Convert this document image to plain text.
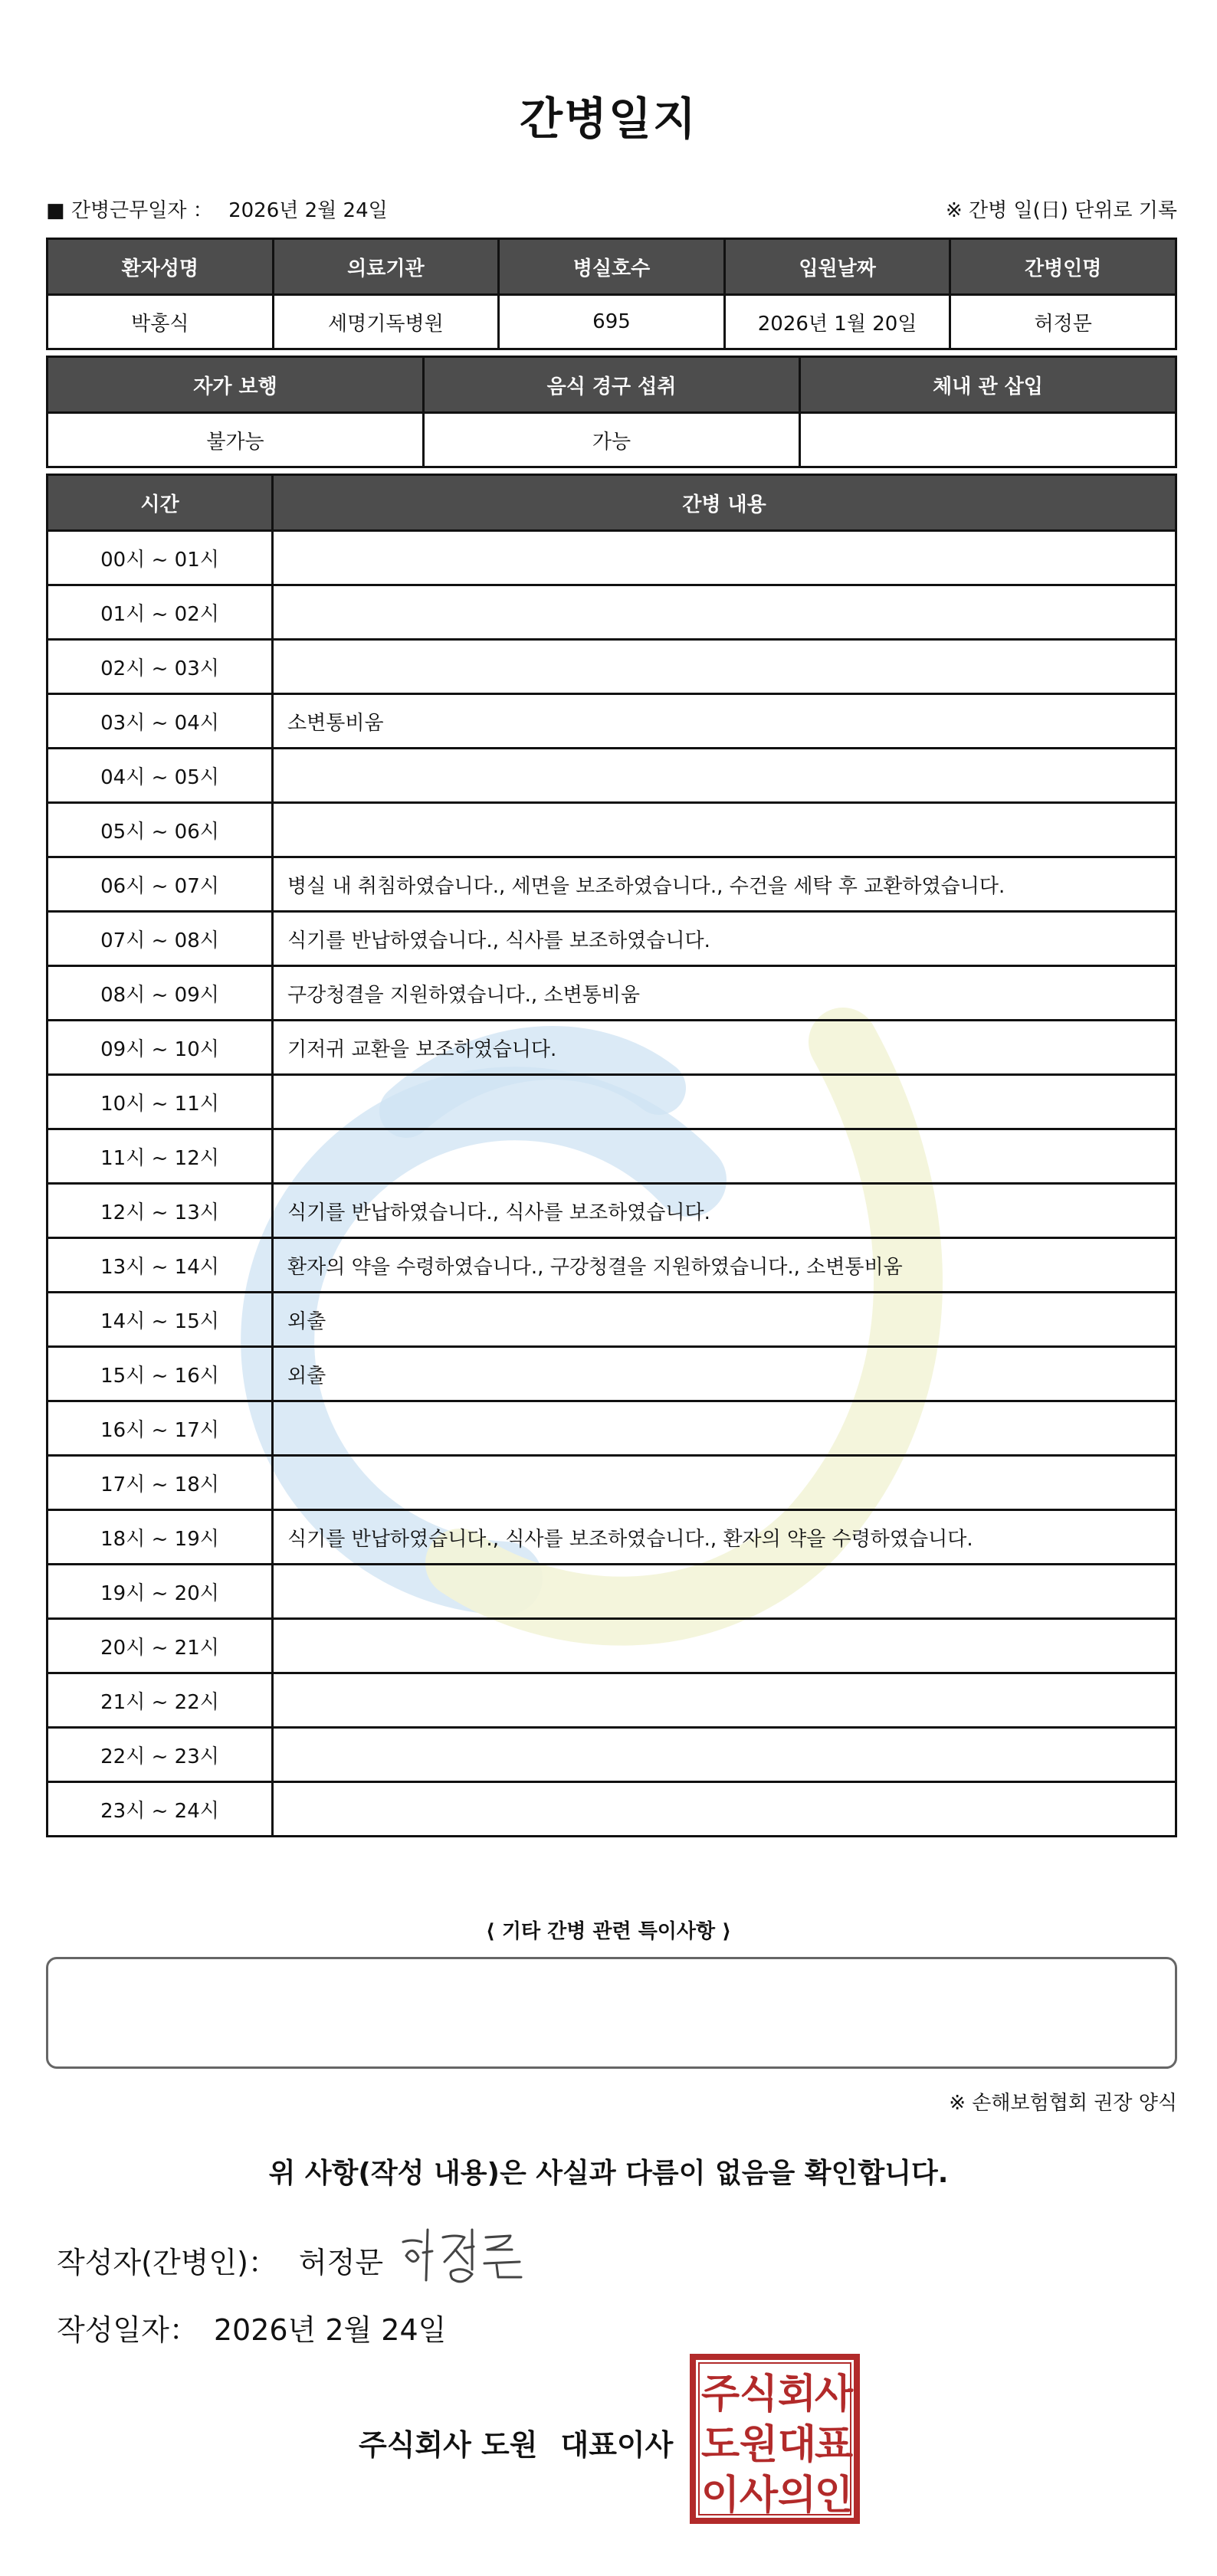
간병일지
■ 간병근무일자 ： 2026년 2월 24일	※ 간병 일(日) 단위로 기록
환자성명	의료기관	병실호수	입원날짜	간병인명
박홍식	세명기독병원	695	2026년 1월 20일	허정문
자가 보행	음식 경구 섭취	체내 관 삽입
불가능	가능	
시간	간병 내용
00시 ~ 01시	
01시 ~ 02시	
02시 ~ 03시	
03시 ~ 04시	소변통비움
04시 ~ 05시	
05시 ~ 06시	
06시 ~ 07시	병실 내 취침하였습니다., 세면을 보조하였습니다., 수건을 세탁 후 교환하였습니다.
07시 ~ 08시	식기를 반납하였습니다., 식사를 보조하였습니다.
08시 ~ 09시	구강청결을 지원하였습니다., 소변통비움
09시 ~ 10시	기저귀 교환을 보조하였습니다.
10시 ~ 11시	
11시 ~ 12시	
12시 ~ 13시	식기를 반납하였습니다., 식사를 보조하였습니다.
13시 ~ 14시	환자의 약을 수령하였습니다., 구강청결을 지원하였습니다., 소변통비움
14시 ~ 15시	외출
15시 ~ 16시	외출
16시 ~ 17시	
17시 ~ 18시	
18시 ~ 19시	식기를 반납하였습니다., 식사를 보조하였습니다., 환자의 약을 수령하였습니다.
19시 ~ 20시	
20시 ~ 21시	
21시 ~ 22시	
22시 ~ 23시	
23시 ~ 24시	
⟨ 기타 간병 관련 특이사항 ⟩
※ 손해보험협회 권장 양식
위 사항(작성 내용)은 사실과 다름이 없음을 확인합니다.
작성자(간병인)： 허정문
작성일자： 2026년 2월 24일
주식회사 도원 대표이사
주 식 회
사
도 원 대
표
이 사 의
인
